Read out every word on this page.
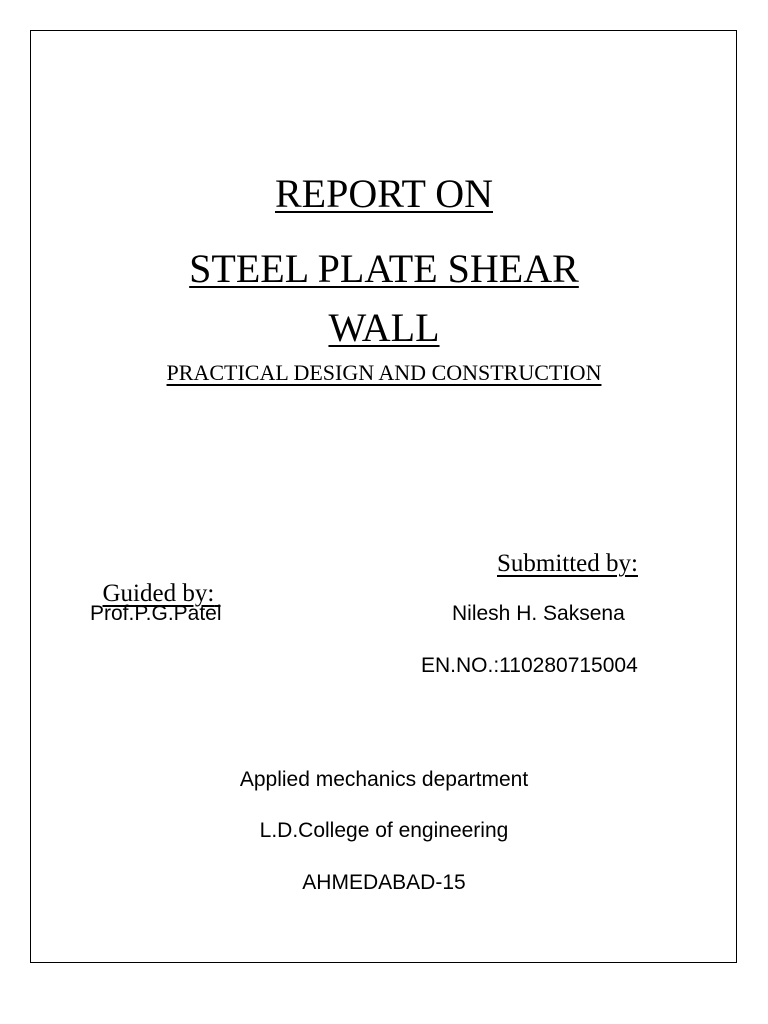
REPORT ON
STEEL PLATE SHEAR
WALL
PRACTICAL DESIGN AND CONSTRUCTION

Guided by:

Submitted by:
Prof.P.G.Patel	Nilesh H. Saksena
EN.NO.:110280715004
Applied mechanics department
L.D.College of engineering
AHMEDABAD-15
